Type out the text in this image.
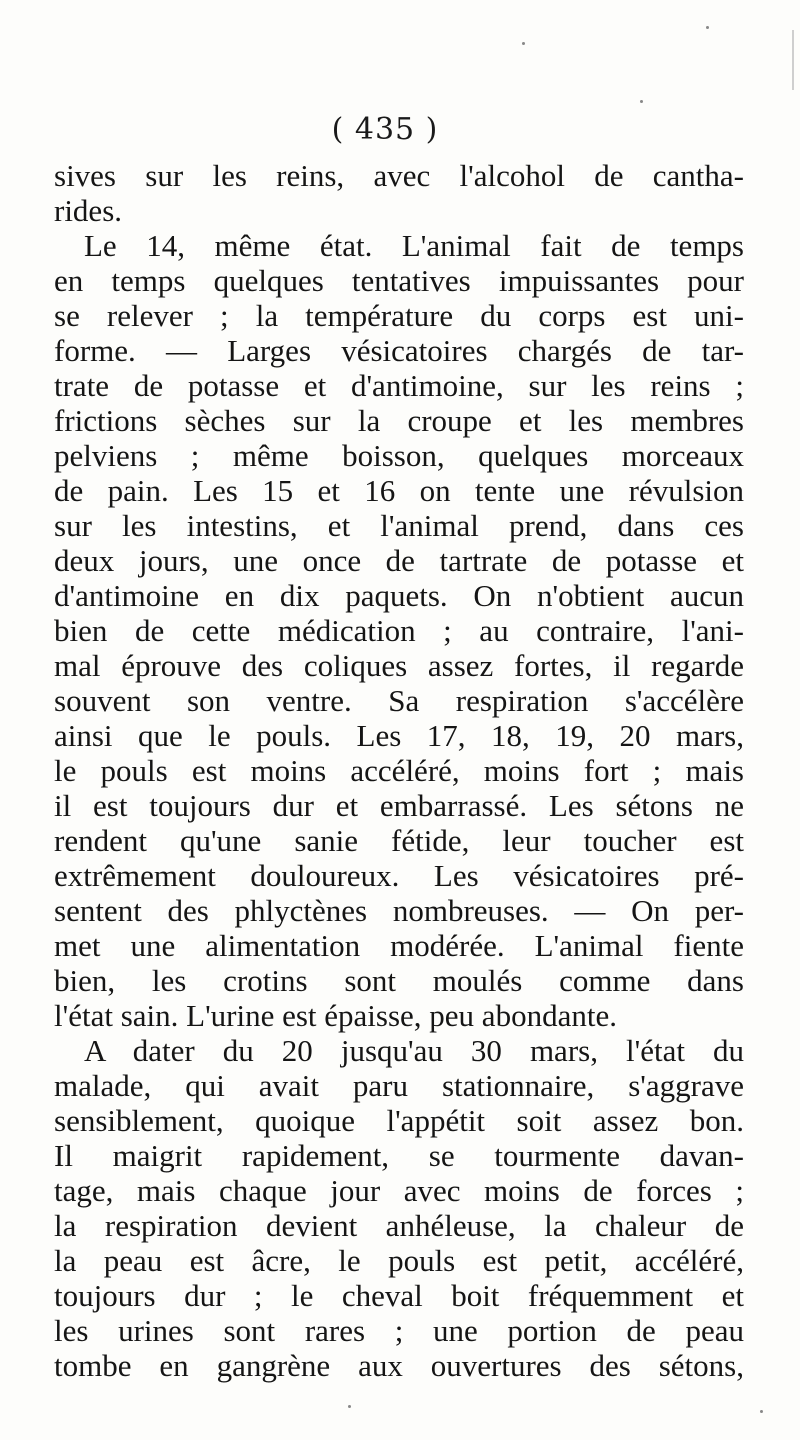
( 435 )
sives sur les reins, avec l'alcohol de cantha-
rides.
Le 14, même état. L'animal fait de temps
en temps quelques tentatives impuissantes pour
se relever ; la température du corps est uni-
forme. — Larges vésicatoires chargés de tar-
trate de potasse et d'antimoine, sur les reins ;
frictions sèches sur la croupe et les membres
pelviens ; même boisson, quelques morceaux
de pain. Les 15 et 16 on tente une révulsion
sur les intestins, et l'animal prend, dans ces
deux jours, une once de tartrate de potasse et
d'antimoine en dix paquets. On n'obtient aucun
bien de cette médication ; au contraire, l'ani-
mal éprouve des coliques assez fortes, il regarde
souvent son ventre. Sa respiration s'accélère
ainsi que le pouls. Les 17, 18, 19, 20 mars,
le pouls est moins accéléré, moins fort ; mais
il est toujours dur et embarrassé. Les sétons ne
rendent qu'une sanie fétide, leur toucher est
extrêmement douloureux. Les vésicatoires pré-
sentent des phlyctènes nombreuses. — On per-
met une alimentation modérée. L'animal fiente
bien, les crotins sont moulés comme dans
l'état sain. L'urine est épaisse, peu abondante.
A dater du 20 jusqu'au 30 mars, l'état du
malade, qui avait paru stationnaire, s'aggrave
sensiblement, quoique l'appétit soit assez bon.
Il maigrit rapidement, se tourmente davan-
tage, mais chaque jour avec moins de forces ;
la respiration devient anhéleuse, la chaleur de
la peau est âcre, le pouls est petit, accéléré,
toujours dur ; le cheval boit fréquemment et
les urines sont rares ; une portion de peau
tombe en gangrène aux ouvertures des sétons,
